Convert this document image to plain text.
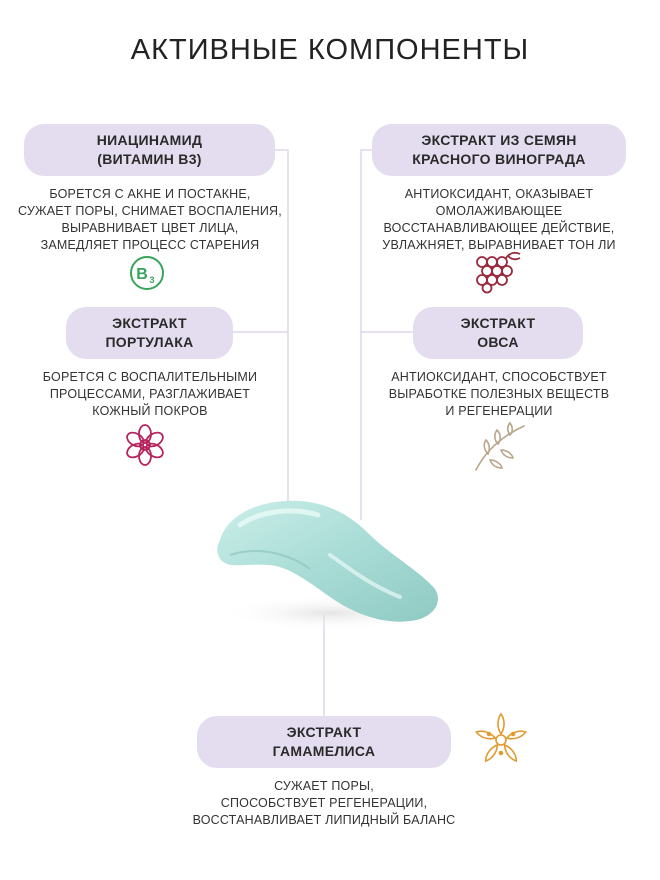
АКТИВНЫЕ КОМПОНЕНТЫ
НИАЦИНАМИД
(ВИТАМИН В3)
БОРЕТСЯ С АКНЕ И ПОСТАКНЕ,
СУЖАЕТ ПОРЫ, СНИМАЕТ ВОСПАЛЕНИЯ,
ВЫРАВНИВАЕТ ЦВЕТ ЛИЦА,
ЗАМЕДЛЯЕТ ПРОЦЕСС СТАРЕНИЯ
B 3
ЭКСТРАКТ ИЗ СЕМЯН
КРАСНОГО ВИНОГРАДА
АНТИОКСИДАНТ, ОКАЗЫВАЕТ
ОМОЛАЖИВАЮЩЕЕ
ВОССТАНАВЛИВАЮЩЕЕ ДЕЙСТВИЕ,
УВЛАЖНЯЕТ, ВЫРАВНИВАЕТ ТОН ЛИ
ЭКСТРАКТ
ПОРТУЛАКА
БОРЕТСЯ С ВОСПАЛИТЕЛЬНЫМИ
ПРОЦЕССАМИ, РАЗГЛАЖИВАЕТ
КОЖНЫЙ ПОКРОВ
ЭКСТРАКТ
ОВСА
АНТИОКСИДАНТ, СПОСОБСТВУЕТ
ВЫРАБОТКЕ ПОЛЕЗНЫХ ВЕЩЕСТВ
И РЕГЕНЕРАЦИИ
ЭКСТРАКТ
ГАМАМЕЛИСА
СУЖАЕТ ПОРЫ,
СПОСОБСТВУЕТ РЕГЕНЕРАЦИИ,
ВОССТАНАВЛИВАЕТ ЛИПИДНЫЙ БАЛАНС
